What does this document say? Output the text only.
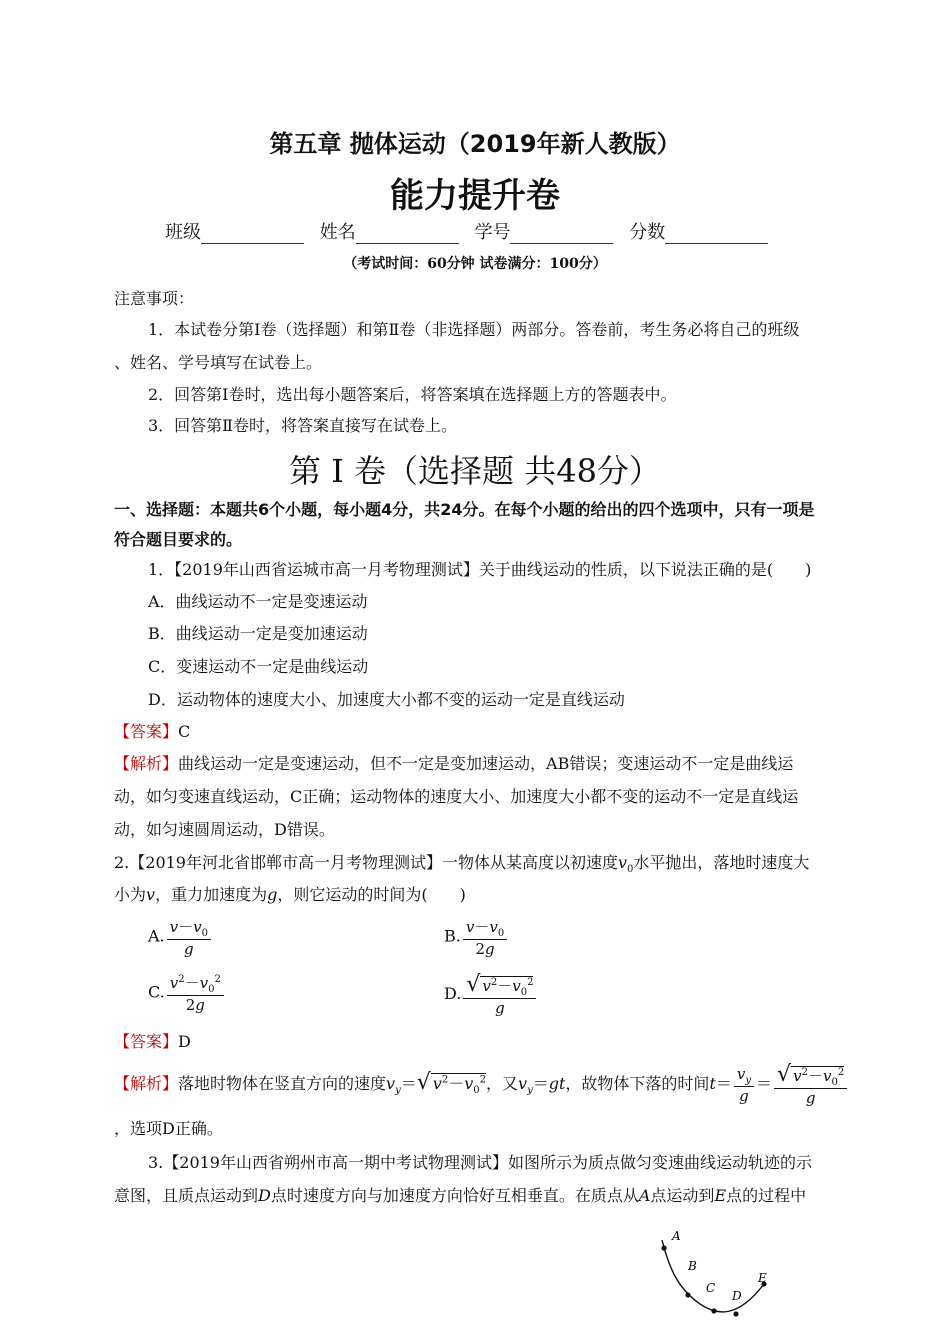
第五章 抛体运动（2019年新人教版）
能力提升卷
班级	姓名	学号	分数
（考试时间：60分钟 试卷满分：100分）
注意事项：
1．本试卷分第Ⅰ卷（选择题）和第Ⅱ卷（非选择题）两部分。答卷前，考生务必将自己的班级
、姓名、学号填写在试卷上。
2．回答第Ⅰ卷时，选出每小题答案后，将答案填在选择题上方的答题表中。
3．回答第Ⅱ卷时，将答案直接写在试卷上。
第 I 卷（选择题 共48分）
一、选择题：本题共6个小题，每小题4分，共24分。在每个小题的给出的四个选项中，只有一项是
符合题目要求的。
1．【2019年山西省运城市高一月考物理测试】关于曲线运动的性质，以下说法正确的是(　　)
A．曲线运动不一定是变速运动
B．曲线运动一定是变加速运动
C．变速运动不一定是曲线运动
D．运动物体的速度大小、加速度大小都不变的运动一定是直线运动
【答案】C
【解析】曲线运动一定是变速运动，但不一定是变加速运动，AB错误；变速运动不一定是曲线运
动，如匀变速直线运动，C正确；运动物体的速度大小、加速度大小都不变的运动不一定是直线运
动，如匀速圆周运动，D错误。
2.【2019年河北省邯郸市高一月考物理测试】一物体从某高度以初速度$v_0$水平抛出，落地时速度大
小为v，重力加速度为g，则它运动的时间为(　　)
A. $\frac{v-v_0}{g}$	B. $\frac{v-v_0}{2g}$
C. $\frac{v^2-v_0^2}{2g}$	D. $\frac{√ v^2-v_0^2}{g}$
【答案】D
【解析】落地时物体在竖直方向的速度$v_y=√$ $v^2-v_0^2$，又$v_y=gt$，故物体下落的时间$t= \frac{v_y}{g} = \frac{√ v^2-v_0^2}{g}$
，选项D正确。
3.【2019年山西省朔州市高一期中考试物理测试】如图所示为质点做匀变速曲线运动轨迹的示
意图，且质点运动到D点时速度方向与加速度方向恰好互相垂直。在质点从A点运动到E点的过程中
A
B
C
D
E
